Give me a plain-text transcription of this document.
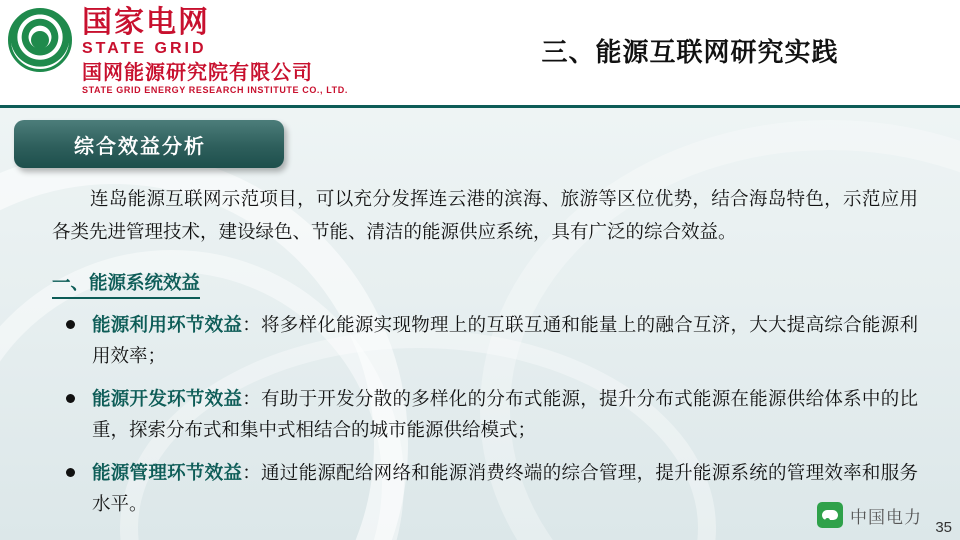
国家电网
STATE GRID
国网能源研究院有限公司
STATE GRID ENERGY RESEARCH INSTITUTE CO., LTD.
三、能源互联网研究实践
综合效益分析

连岛能源互联网示范项目，可以充分发挥连云港的滨海、旅游等区位优势，结合海岛特色，示范应用各类先进管理技术，建设绿色、节能、清洁的能源供应系统，具有广泛的综合效益。

一、能源系统效益
能源利用环节效益：将多样化能源实现物理上的互联互通和能量上的融合互济，大大提高综合能源利用效率；
能源开发环节效益：有助于开发分散的多样化的分布式能源，提升分布式能源在能源供给体系中的比重，探索分布式和集中式相结合的城市能源供给模式；
能源管理环节效益：通过能源配给网络和能源消费终端的综合管理，提升能源系统的管理效率和服务水平。
中国电力
35
